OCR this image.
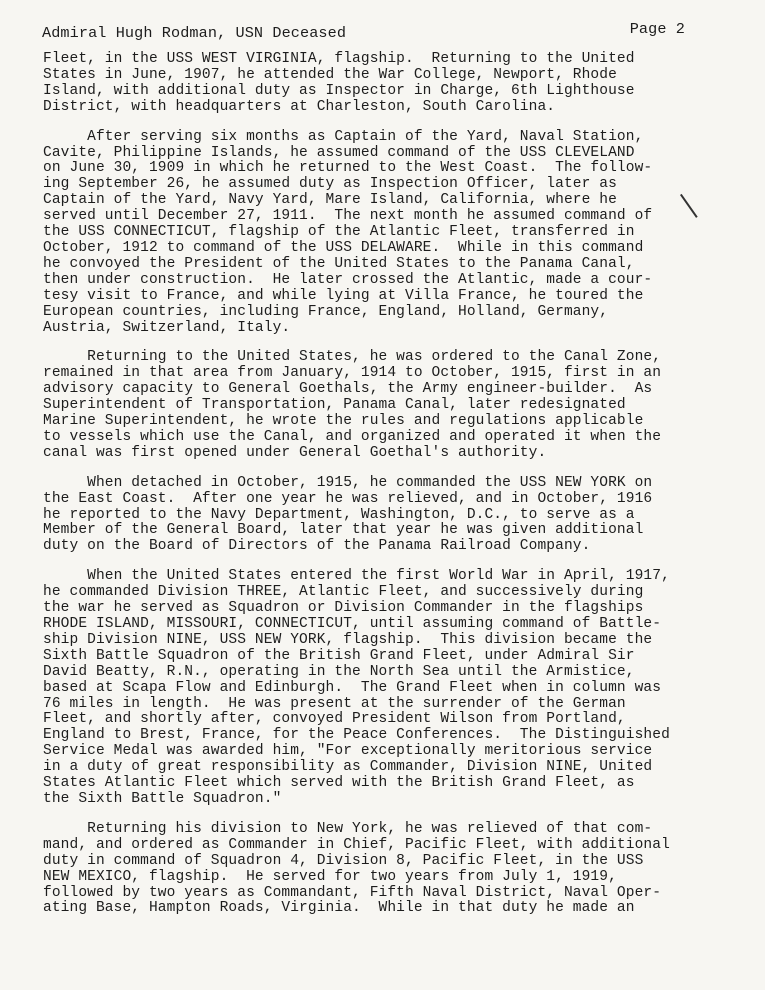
Admiral Hugh Rodman, USN Deceased	Page 2

Fleet, in the USS WEST VIRGINIA, flagship.  Returning to the United
States in June, 1907, he attended the War College, Newport, Rhode
Island, with additional duty as Inspector in Charge, 6th Lighthouse
District, with headquarters at Charleston, South Carolina.

After serving six months as Captain of the Yard, Naval Station,
Cavite, Philippine Islands, he assumed command of the USS CLEVELAND
on June 30, 1909 in which he returned to the West Coast.  The follow-
ing September 26, he assumed duty as Inspection Officer, later as
Captain of the Yard, Navy Yard, Mare Island, California, where he
served until December 27, 1911.  The next month he assumed command of
the USS CONNECTICUT, flagship of the Atlantic Fleet, transferred in
October, 1912 to command of the USS DELAWARE.  While in this command
he convoyed the President of the United States to the Panama Canal,
then under construction.  He later crossed the Atlantic, made a cour-
tesy visit to France, and while lying at Villa France, he toured the
European countries, including France, England, Holland, Germany,
Austria, Switzerland, Italy.

Returning to the United States, he was ordered to the Canal Zone,
remained in that area from January, 1914 to October, 1915, first in an
advisory capacity to General Goethals, the Army engineer-builder.  As
Superintendent of Transportation, Panama Canal, later redesignated
Marine Superintendent, he wrote the rules and regulations applicable
to vessels which use the Canal, and organized and operated it when the
canal was first opened under General Goethal's authority.

When detached in October, 1915, he commanded the USS NEW YORK on
the East Coast.  After one year he was relieved, and in October, 1916
he reported to the Navy Department, Washington, D.C., to serve as a
Member of the General Board, later that year he was given additional
duty on the Board of Directors of the Panama Railroad Company.

When the United States entered the first World War in April, 1917,
he commanded Division THREE, Atlantic Fleet, and successively during
the war he served as Squadron or Division Commander in the flagships
RHODE ISLAND, MISSOURI, CONNECTICUT, until assuming command of Battle-
ship Division NINE, USS NEW YORK, flagship.  This division became the
Sixth Battle Squadron of the British Grand Fleet, under Admiral Sir
David Beatty, R.N., operating in the North Sea until the Armistice,
based at Scapa Flow and Edinburgh.  The Grand Fleet when in column was
76 miles in length.  He was present at the surrender of the German
Fleet, and shortly after, convoyed President Wilson from Portland,
England to Brest, France, for the Peace Conferences.  The Distinguished
Service Medal was awarded him, "For exceptionally meritorious service
in a duty of great responsibility as Commander, Division NINE, United
States Atlantic Fleet which served with the British Grand Fleet, as
the Sixth Battle Squadron."

Returning his division to New York, he was relieved of that com-
mand, and ordered as Commander in Chief, Pacific Fleet, with additional
duty in command of Squadron 4, Division 8, Pacific Fleet, in the USS
NEW MEXICO, flagship.  He served for two years from July 1, 1919,
followed by two years as Commandant, Fifth Naval District, Naval Oper-
ating Base, Hampton Roads, Virginia.  While in that duty he made an
